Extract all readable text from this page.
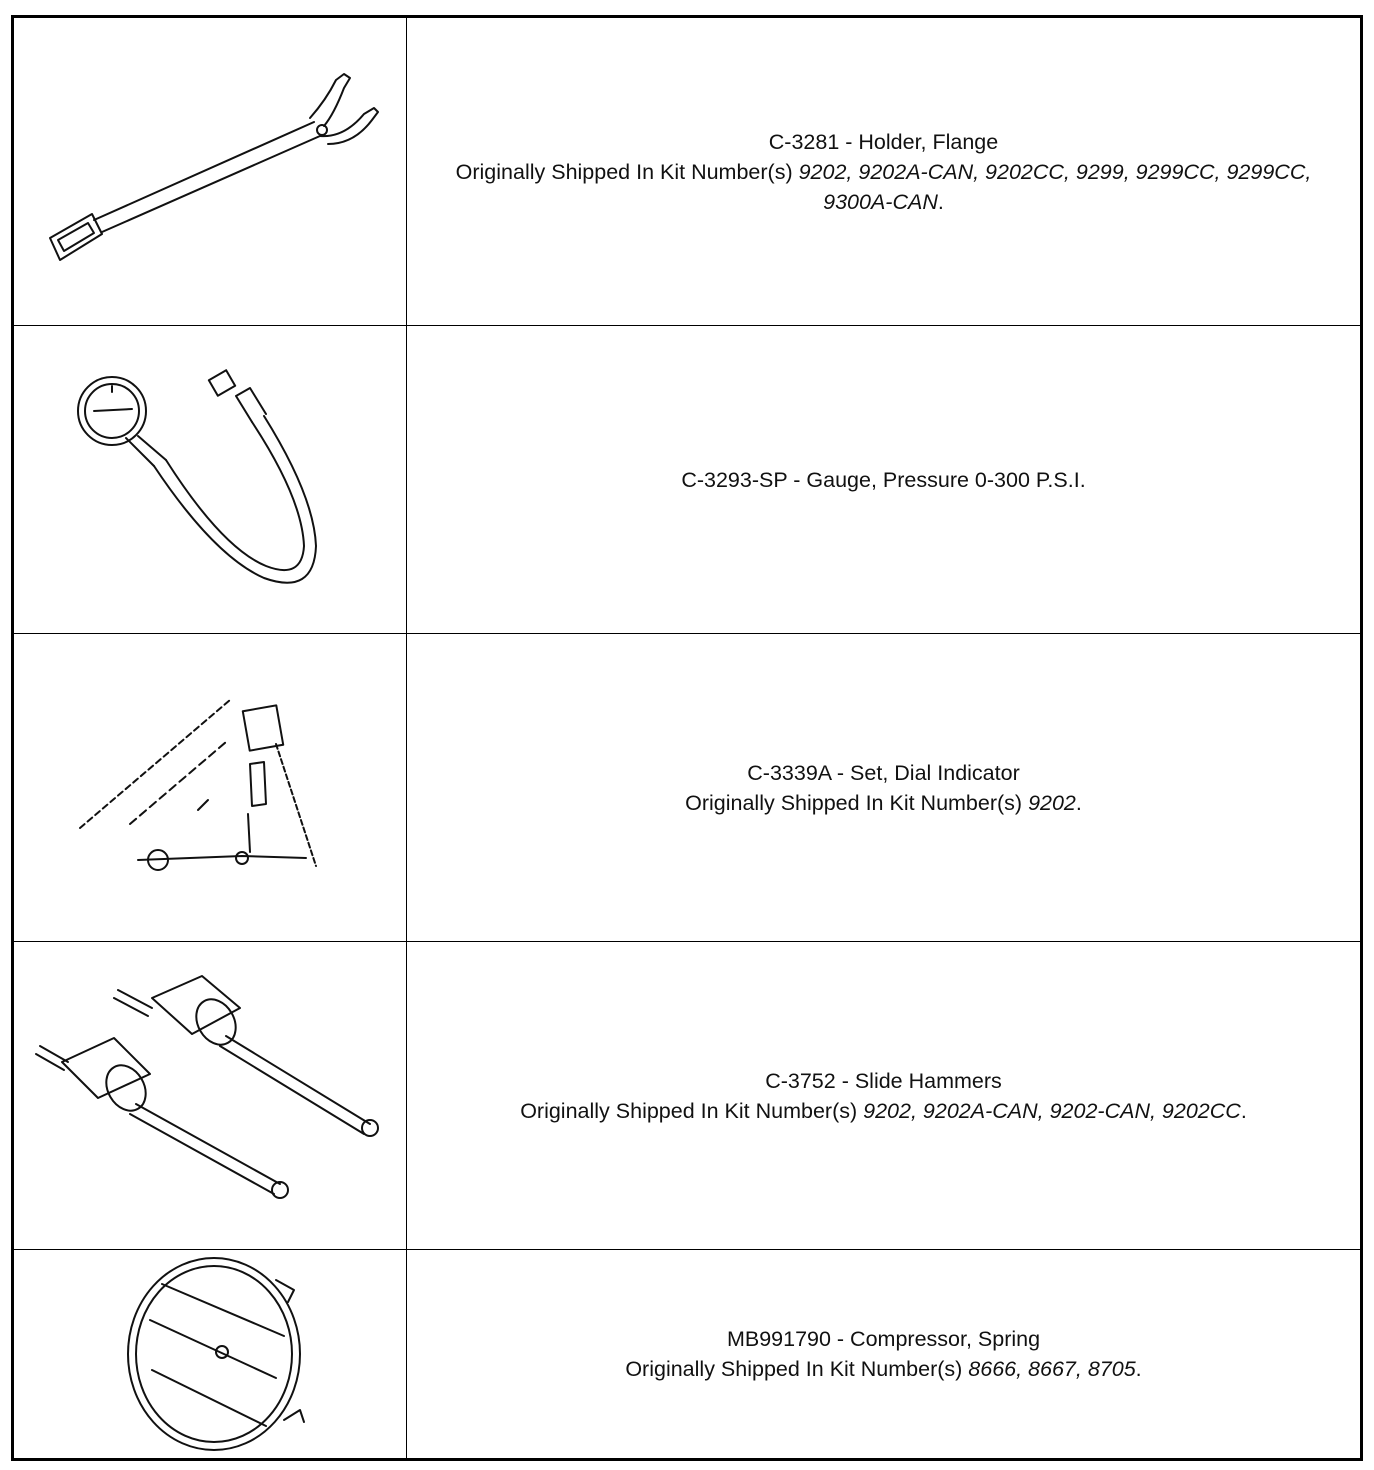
C-3281 - Holder, Flange
Originally Shipped In Kit Number(s) 9202, 9202A-CAN, 9202CC, 9299, 9299CC, 9299CC, 9300A-CAN.
C-3293-SP - Gauge, Pressure 0-300 P.S.I.
C-3339A - Set, Dial Indicator
Originally Shipped In Kit Number(s) 9202.
C-3752 - Slide Hammers
Originally Shipped In Kit Number(s) 9202, 9202A-CAN, 9202-CAN, 9202CC.
MB991790 - Compressor, Spring
Originally Shipped In Kit Number(s) 8666, 8667, 8705.
